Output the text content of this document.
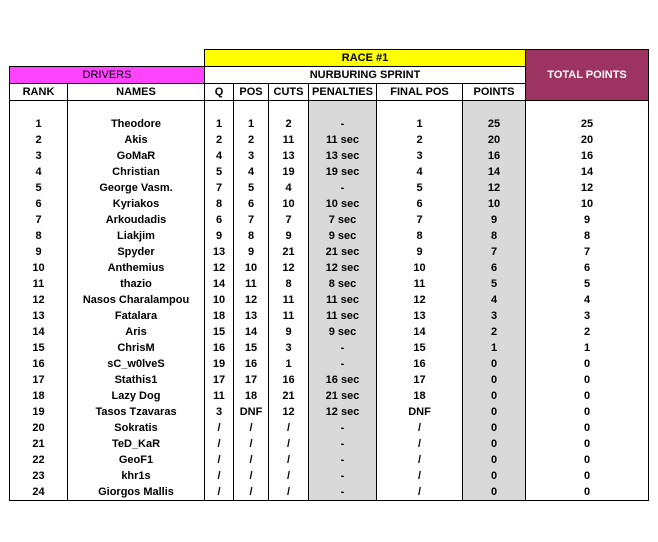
		RACE #1						TOTAL POINTS
DRIVERS		NURBURING SPRINT						
RANK	NAMES	Q	POS	CUTS	PENALTIES	FINAL POS	POINTS	

1	Theodore	1	1	2	-	1	25	25
2	Akis	2	2	11	11 sec	2	20	20
3	GoMaR	4	3	13	13 sec	3	16	16
4	Christian	5	4	19	19 sec	4	14	14
5	George Vasm.	7	5	4	-	5	12	12
6	Kyriakos	8	6	10	10 sec	6	10	10
7	Arkoudadis	6	7	7	7 sec	7	9	9
8	Liakjim	9	8	9	9 sec	8	8	8
9	Spyder	13	9	21	21 sec	9	7	7
10	Anthemius	12	10	12	12 sec	10	6	6
11	thazio	14	11	8	8 sec	11	5	5
12	Nasos Charalampou	10	12	11	11 sec	12	4	4
13	Fatalara	18	13	11	11 sec	13	3	3
14	Aris	15	14	9	9 sec	14	2	2
15	ChrisM	16	15	3	-	15	1	1
16	sC_w0lveS	19	16	1	-	16	0	0
17	Stathis1	17	17	16	16 sec	17	0	0
18	Lazy Dog	11	18	21	21 sec	18	0	0
19	Tasos Tzavaras	3	DNF	12	12 sec	DNF	0	0
20	Sokratis	/	/	/	-	/	0	0
21	TeD_KaR	/	/	/	-	/	0	0
22	GeoF1	/	/	/	-	/	0	0
23	khr1s	/	/	/	-	/	0	0
24	Giorgos Mallis	/	/	/	-	/	0	0
